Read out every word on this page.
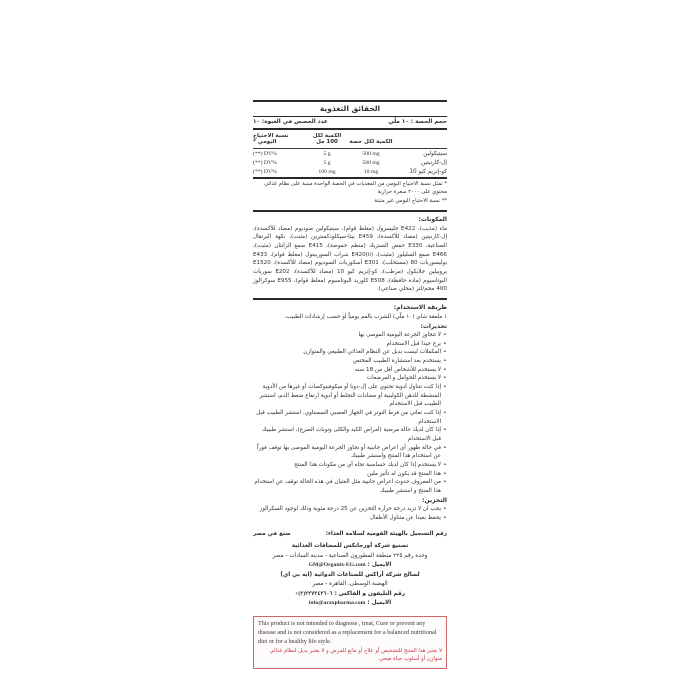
الحقائق التغذوية
حجم الحصة : ١٠ ملّي
عدد الحصص في العبوة: ١٠
الكمية لكل حصة
الكمية لكل 100 مل
نسبة الاحتياج اليومي *
سيتيكولين
500 mg
5 g
(**) DV%
إل-كارنيتين
500 mg
5 g
(**) DV%
كو-إنزيم كيو 10
10 mg
100 mg
(**) DV%
* تمثل نسبة الاحتياج اليومي من المغذيات في الحصة الواحدة مبنية على نظام غذائي محتوي على ٢٠٠٠ سعرة حرارية
** نسبة الاحتياج اليومي غير مثبتة
المكونات:
ماء (مذيب)، E422 جليسرول (مغلظ قوام)، سيتيكولين صوديوم (مضاد للأكسدة)، إل-كارنيتين (مضاد للأكسدة)، E459 بيتا-سيكلودكسترين (مثبت)، نكهة البرتقال الصناعية، E330 حمض الستريك (منظم حموضة)، E415 صمغ الزانثان (مثبت)، E466 صمغ السليلوز (مثبت)، E420(ii) شراب السوربيتول (مغلظ قوام)، E433 بوليسوربات 80 (مستحلب)، E301 أسكوربات الصوديوم (مضاد للأكسدة)، E1520 بروبيلين جلايكول (مرطب)، كو-إنزيم كيو 10 (مضاد للأكسدة)، E202 سوربات البوتاسيوم (مادة حافظة)، E508 كلوريد البوتاسيوم (مغلظ قوام)، E955 سوكرالوز 400 مجم/لتر (محلي صناعي).
طريقة الاستخدام:
١ ملعقة شاي (١٠ ملّي) للشرب بالفم يومياً أو حسب إرشادات الطبيب.
تحذيرات:
• لا تتجاوز الجرعة اليومية الموصى بها
• يرج جيدا قبل الاستخدام
• المكملات ليست بديل عن النظام الغذائي الطبيعي والمتوازن
• يستخدم بعد استشارة الطبيب المختص
• لا يستخدم للأشخاص أقل من 18 سنه
• لا يستخدم للحوامل و المرضعات
• إذا كنت تتناول أدوية تحتوي على إل-دوبا أو ميكوفينوكسات أو غيرها من الأدوية المنشطة للذهن الكولينية أو مضادات التجلط أو أدوية ارتفاع ضغط الدم، استشر الطبيب قبل الاستخدام
• إذا كنت تعاني من فرط التوتر في الجهاز العصبي السمبتاوي، استشر الطبيب قبل الاستخدام
• إذا كان لديك حالة مرضية (أمراض الكبد والكلى ونوبات الصرع)، استشر طبيبك قبل الاستخدام
• في حالة ظهور أي اعراض جانبية أو تجاوز الجرعة اليومية الموصى بها توقف فوراً عن استخدام هذا المنتج واستشر طبيبك
• لا يستخدم إذا كان لديك حساسية تجاه أي من مكونات هذا المنتج
• هذا المنتج قد يكون له تأثير ملين
• من المعروف حدوث اعراض جانبية مثل الغثيان في هذه الحالة توقف عن استخدام هذا المنتج و استشر طبيبك
التخزين:
• يجب ان لا تزيد درجة حرارة التخزين عن 25 درجة مئوية وذلك لوجود السكرالوز
• يحفظ بعيدا عن متناول الأطفال
رقم التسجيل بالهيئة القومية لسلامة الغذاء:
صنع في مصر
تصنيع شركة أورجانكس للمضافات الغذائية
وحدة رقم ٢٢٥ منطقة المطورون الصناعية - مدينة السادات - مصر
الايميل : GM@Organix-EG.com
لصالح شركة أراكس للصناعات الدوائية (ايه بي اي)
الهضبة الوسطى، القاهرة - مصر
رقم التليفون و الفاكس : +(٢)٢٢٧٢٤٢٦٠٦
الايميل : info@araxpharma.com
This product is not intended to diagnose , treat, Cure or prevent any disease and is not considered as a replacement for a balanced nutritional diet or for a healthy life style.
لا يعتبر هذا المنتج للتشخيص أو علاج أو مانع للمرض و لا يعتبر بديل لنظام غذائي متوازن أو أسلوب حياة صحي
